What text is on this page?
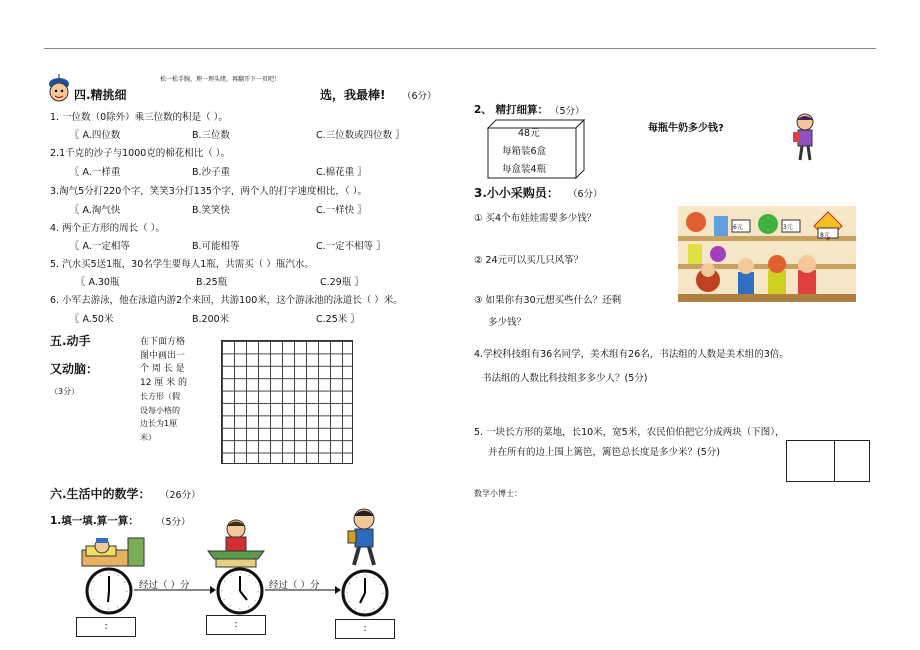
松一松手腕，理一理头绪，再翻开下一页吧！
四.精挑细	选，我最棒! （6分）
1. 一位数（0除外）乘三位数的积是（ ）。
〖 A.四位数	B.三位数	C.三位数或四位数 〗
2.1千克的沙子与1000克的棉花相比（ ）。
〖 A.一样重	B.沙子重	C.棉花重 〗
3.淘气5分打220个字，笑笑3分打135个字，两个人的打字速度相比，（ ）。
〖 A.淘气快	B.笑笑快	C.一样快 〗
4. 两个正方形的周长（ ）。
〖 A.一定相等	B.可能相等	C.一定不相等 〗
5. 汽水买5送1瓶，30名学生要每人1瓶，共需买（ ）瓶汽水。
〖 A.30瓶	B.25瓶	C.29瓶 〗
6. 小军去游泳，他在泳道内游2个来回，共游100米，这个游泳池的泳道长（ ）米。
〖 A.50米	B.200米	C.25米 〗
五.动手
又动脑：
（3分）
在下面方格
图中画出一
个 周 长 是
12 厘 米 的
长方形（假
设每小格的
边长为1厘
米）
六.生活中的数学： （26分）
1.填一填.算一算： （5分）
经过（ ）分	经过（ ）分
:	:	:
2、 精打细算： （5分）
48元
每箱装6盒
每盒装4瓶
每瓶牛奶多少钱?
3.小小采购员： （6分）
① 买4个布娃娃需要多少钱？
② 24元可以买几只风筝？
③ 如果你有30元想买些什么？还剩
多少钱？
6元	3元
8元
4.学校科技组有36名同学，美术组有26名，书法组的人数是美术组的3倍。
书法组的人数比科技组多多少人？(5分)
5. 一块长方形的菜地，长10米，宽5米，农民伯伯把它分成两块（下图），
并在所有的边上围上篱笆，篱笆总长度是多少米？(5分)
数学小博士：
